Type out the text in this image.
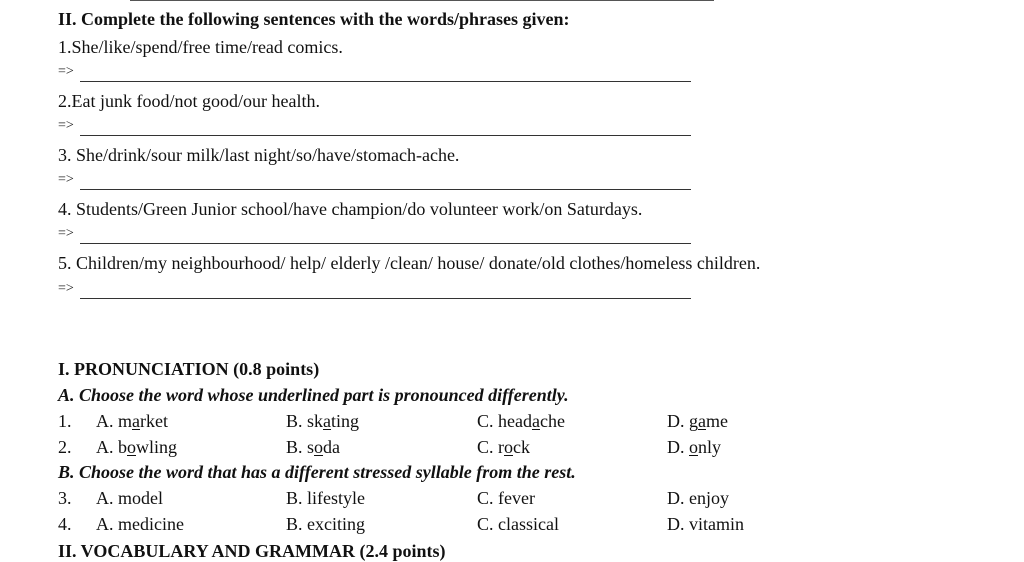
II. Complete the following sentences with the words/phrases given:
1.She/like/spend/free time/read comics.
=>
2.Eat junk food/not good/our health.
=>
3. She/drink/sour milk/last night/so/have/stomach-ache.
=>
4. Students/Green Junior school/have champion/do volunteer work/on Saturdays.
=>
5. Children/my neighbourhood/ help/ elderly /clean/ house/ donate/old clothes/homeless children.
=>
I. PRONUNCIATION (0.8 points)
A. Choose the word whose underlined part is pronounced differently.
1. A. market	B. skating	C. headache	D. game
2. A. bowling	B. soda	C. rock	D. only
B. Choose the word that has a different stressed syllable from the rest.
3. A. model	B. lifestyle	C. fever	D. enjoy
4. A. medicine	B. exciting	C. classical	D. vitamin
II. VOCABULARY AND GRAMMAR (2.4 points)
